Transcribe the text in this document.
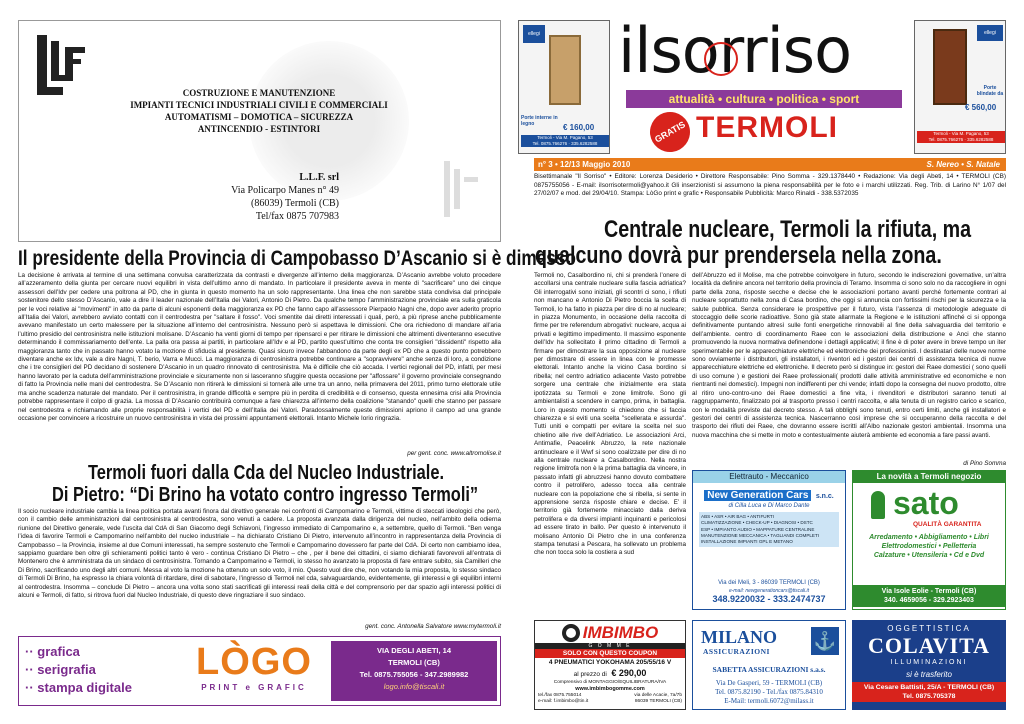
COSTRUZIONE E MANUTENZIONE
IMPIANTI TECNICI INDUSTRIALI CIVILI E COMMERCIALI
AUTOMATISMI – DOMOTICA – SICUREZZA
ANTINCENDIO - ESTINTORI
L.L.F. srl
Via Policarpo Manes n° 49
(86039) Termoli (CB)
Tel/fax 0875 707983
Il presidente della Provincia di Campobasso D’Ascanio si è dimesso
La decisione è arrivata al termine di una settimana convulsa caratterizzata da contrasti e divergenze all’interno della maggioranza. D’Ascanio avrebbe voluto procedere all’azzeramento della giunta per cercare nuovi equilibri in vista dell’ultimo anno di mandato. In particolare il presidente aveva in mente di "sacrificare" uno dei cinque assessori dell’Idv per cedere una poltrona al PD, che in giunta in questo momento ha un solo rappresentante. Una linea che non sarebbe stata condivisa dal principale sostenitore dello stesso D’Ascanio, vale a dire il leader nazionale dell’Italia dei Valori, Antonio Di Pietro. Da qualche tempo l’amministrazione provinciale era sulla graticola per le voci relative ai "movimenti" in atto da parte di alcuni esponenti della maggioranza ex PD che fanno capo all’assessore Pierpaolo Nagni che, dopo aver aderito proprio all’Italia dei Valori, avrebbero avviato contatti con il centrodestra per "saltare il fosso". Voci smentite dai diretti interessati i quali, però, a più riprese anche pubblicamente avevano manifestato un certo malessere per la situazione all’interno del centrosinistra. Nessuno però si aspettava le dimissioni. Che ora richiedono di mandare all’aria l’ultimo presidio del centrosinistra nelle istituzioni molisane. D’Ascanio ha venti giorni di tempo per ripensarci e per ritirare le dimissioni che altrimenti diventeranno esecutive determinando il commissariamento dell’ente. La palla ora passa ai partiti, in particolare all’Idv e al PD, partito quest’ultimo che conta tre consiglieri "dissidenti" rispetto alla maggioranza tanto che in passato hanno votato la mozione di sfiducia al presidente. Quasi sicuro invece l’abbandono da parte degli ex PD che a questo punto potrebbero diventare anche ex Idv, vale a dire Nagni, T. berio, Varra e Mucci. La maggioranza di centrosinistra potrebbe continuare a "sopravvivere" anche senza di loro, a condizione che i tre consiglieri del PD decidano di sostenere D’Ascanio in un quadro rinnovato di centrosinistra. Ma è difficile che ciò accada. I vertici regionali del PD, infatti, per mesi hanno lavorato per la caduta dell’amministrazione provinciale e sicuramente non si lasceranno sfuggire questa occasione per "affossare" il governo provinciale consegnando di fatto la Provincia nelle mani del centrodestra. Se D’Ascanio non ritirerà le dimissioni si tornerà alle urne tra un anno, nella primavera del 2011, primo turno elettorale utile ma anche scadenza naturale del mandato. Per il centrosinistra, in grande difficoltà e sempre più in perdita di credibilità e di consenso, questa ennesima crisi alla Provincia potrebbe rappresentare il colpo di grazia. La mossa di D’Ascanio contribuirà comunque a fare chiarezza all’interno della coalizione "stanando" quelli che stanno per passare nel centrodestra e richiamando alle proprie responsabilità i vertici del PD e dell’Italia dei Valori. Paradossalmente queste dimissioni apriono il campo ad una grande occasione per convincere a ricostruire un nuovo centrosinistra in vista dei prossimi appuntamenti elettorali. Intanto Michele Iorio ringrazia.
per gent. conc. www.altromolise.it
Termoli fuori dalla Cda del Nucleo Industriale.
Di Pietro: “Di Brino ha votato contro ingresso Termoli”
Il socio nucleare industriale cambia la linea politica portata avanti finora dal direttivo generale nei confronti di Campomarino e Termoli, vittime di steccati ideologici che però, con il cambio delle amministrazioni dal centrosinistra al centrodestra, sono venuti a cadere. La proposta avanzata dalla dirigenza del nucleo, nell’ambito della odierna riunione del Direttivo generale, vede l’uscita dal CdA di San Giacomo degli Schiavoni, l’ingresso immediato di Campomarino e, a settembre, quello di Termoli. "Ben venga l’idea di favorire Termoli e Campomarino nell’ambito del nucleo industriale – ha dichiarato Cristiano Di Pietro, intervenuto all’incontro in rappresentanza della Provincia di Campobasso – la Provincia, insieme al due Comuni interessati, ha sempre sostenuto che Termoli e Campomarino dovessero far parte del CdA. Di certo non cambiamo idea, sappiamo guardare ben oltre gli schieramenti politici tanto è vero - continua Cristiano Di Pietro – che , per il bene dei cittadini, ci siamo dichiarati favorevoli all’entrata di Montenero che è amministrata da un sindaco di centrosinistra. Tornando a Campomarino e Termoli, io stesso ho avanzato la proposta di fare entrare subito, sia Camilleri che Di Brino, sacrificando uno degli altri comuni. Messa al voto la mozione ha ottenuto un solo voto, il mio. Questo vuol dire che, non votando la mia proposta, lo stesso sindaco di Termoli Di Brino, ha espresso la chiara volontà di ritardare, direi di sabotare, l’ingresso di Termoli nel cda, salvaguardando, evidentemente, gli interessi e gli equilibri interni al centrodestra. Insomma – conclude Di Pietro – ancora una volta sono stati sacrificati gli interessi reali della città e del comprensorio per dar spazio agli interessi politici di alcuni e Termoli, di fatto, si ritrova fuori dal Nucleo Industriale, di questo deve ringraziare il suo sindaco.
gent. conc. Antonella Salvatore www.mytermoli.it
·· grafica
·· serigrafia
·· stampa digitale
LÒGO
PRINT e GRAFIC
VIA DEGLI ABETI, 14
TERMOLI (CB)
Tel. 0875.755056 - 347.2989982
logo.info@tiscali.it
ellegi
Porte interne in legno	€ 160,00
Termoli - Via M. Pagano, 53
Tel. 0875.766276 · 335.6282588
ilsorriso
attualità • cultura • politica • sport
TERMOLI
GRATIS
ellegi
Porte blindate da
€ 560,00
Termoli - Via M. Pagano, 53
Tel. 0875.766276 · 335.6282588
n° 3 • 12/13 Maggio 2010	S. Nereo • S. Natale
Bisettimanale "Il Sorriso" • Editore: Lorenza Desiderio • Direttore Responsabile: Pino Somma - 329.1378440 • Redazione: Via degli Abeti, 14 • TERMOLI (CB) 0875755056 - E-mail: ilsorrisotermoli@yahoo.it Gli inserzionisti si assumono la piena responsabilità per le foto e i marchi utilizzati. Reg. Trib. di Larino N° 1/07 del 27/02/07 e mod. del 29/04/10. Stampa: LòGo print e grafic • Responsabile Pubblicità: Marco Rinaldi - 338.5372035
Centrale nucleare, Termoli la rifiuta, ma
qualcuno dovrà pur prendersela nella zona.
Termoli no, Casalbordino ni, chi si prenderà l’onere di accollarsi una centrale nucleare sulla fascia adriatica? Gli interrogativi sono iniziati, gli scontri ci sono, i rifiuti non mancano e Antonio Di Pietro boccia la scelta di Termoli, lo ha fatto in piazza per dire di no al nucleare; in piazza Monumento, in occasione della raccolta di firme per tre referendum abrogativi: nucleare, acqua ai privati e legittimo impedimento. Il massimo esponente dell’Idv ha sollecitato il primo cittadino di Termoli a firmare per dimostrare la sua opposizione al nucleare per dimostrare di essere in linea con le promesse elettorali. Intanto anche la vicino Casa bordino si ribella; nel centro adriatico adiacente Vasto potrebbe sorgere una centrale che inizialmente era stata ipotizzata su Termoli e zone limitrofe. Sono gli ambientalisti a scendere in campo, prima, in battaglia. Loro in questo momento si chiedono che si faccia chiarezza e si eviti una scelta "scellerata e assurda". Tutti uniti e compatti per evitare la scelta nel suo chietino alle rive dell’Adriatico. Le associazioni Arci, Antimafie, Peacelink Abruzzo, la rete nazionale antinucleare e il Wwf si sono coalizzate per dire di no alla centrale nucleare a Casalbordino. Nella nostra regione limitrofa non è la prima battaglia da vincere, in passato infatti gli abruzzesi hanno dovuto combattere contro il petrolifero, adesso tocca alla centrale nucleare con la popolazione che si ribella, si sente in apprensione senza risposte chiare e decise. E’ il territorio già fortemente minacciato dalla deriva petrolifera e da diversi impianti inquinanti e pericolosi ad essere tirato in ballo. Per questo è intervenuto il molisano Antonio Di Pietro che in una conferenza stampa tenutasi a Pescara, ha sollevato un problema che non tocca solo la costiera a sud
dell’Abruzzo ed il Molise, ma che potrebbe coinvolgere in futuro, secondo le indiscrezioni governative, un’altra località da definire ancora nel territorio della provincia di Teramo. Insomma ci sono solo no da raccogliere in ogni parte della zona, risposte secche e decise che le associazioni portano avanti perché fortemente contrari al nucleare soprattutto nella zona di Casa bordino, che oggi si annuncia con fortissimi rischi per la sicurezza e la salute pubblica. Senza considerare le prospettive per il futuro, vista l’assenza di metodologie adeguate di stoccaggio delle scorie radioattive. Sono già state allarmate la Regione e le istituzioni affinché ci si opponga definitivamente puntando altresì sulle fonti energetiche rinnovabili al fine della salvaguardia del territorio e dell’ambiente. centro di coordinamento Raee con le associazioni della distribuzione e Anci che stanno promuovendo la nuova normativa definendone i dettagli applicativi; il fine è di poter avere in breve tempo un iter sperimentabile per le apparecchiature elettriche ed elettroniche dei professionisti. I destinatari delle nuove norme sono ovviamente i distributori, gli installatori, i riventori ed i gestori dei centri di assistenza tecnica di nuove apparecchiature elettriche ed elettroniche. Il decreto però si distingue in: gestori dei Raee domestici ( sono quelli di uso comune ) e gestioni dei Raee professionali( prodotti dalle attività amministrative ed economiche e non rientranti nei domestici). Impegni non indifferenti per chi vende; infatti dopo la consegna del nuovo prodotto, oltre al ritiro uno-contro-uno dei Raee domestici a fine vita, i rivenditori e distributori saranno tenuti al raggruppamento, finalizzato poi al trasporto presso i centri raccolta, e alla tenuta di un registro carico e scarico, con le modalità previste dal decreto stesso. A tali obblighi sono tenuti, entro certi limiti, anche gli installatori e gestori dei centri di assistenza tecnica. Nascerranno così imprese che si occuperanno della raccolta e del trasporto dei rifiuti dei Raee, che dovranno essere iscritti all’Albo nazionale gestori ambientali. Insomma una nuova macchina che si mette in moto e contestualmente aiuterà ambiente ed economia a fare passi avanti.
di Pino Somma
Elettrauto - Meccanico
New Generation Cars s.n.c.
di Cilla Luca e Di Marco Dante
ABS • ASR • AIR BAG • ANTIFURTI
CLIMATIZZAZIONE • CHECK-UP • DIAGNOSI • DSTC
ESP • IMPIANTO AUDIO • MAPPATURE CENTRALINE
MANUTENZIONE MECCANICA • TAGLIANDI COMPLETI
INSTALLAZIONE IMPIANTI GPL E METANO
Via dei Meli, 3 - 86039 TERMOLI (CB)
e-mail: newgenerationcars@tiscali.it
348.9220032 - 333.2474737
La novità a Termoli negozio
sato
QUALITÀ GARANTITA
Arredamento • Abbigliamento • Libri
Elettrodomestici • Pelletteria
Calzature • Utensileria • Cd e Dvd
Via Isole Eolie - Termoli (CB)
340. 4659056 - 329.2923403
IMBIMBO
G O M M E
SOLO CON QUESTO COUPON
4 PNEUMATICI YOKOHAMA 205/55/16 V
al prezzo di € 290,00
Comprensivo di MONTAGGIO/EQUILIBRATURA/IVA
www.imbimbogomme.com
tel./fax 0875.755014
e-mail: f.imbimbo@tin.it
via delle Acacie, 7a/7b
86039 TERMOLI (CB)
MILANO
ASSICURAZIONI
⚓
SABETTA ASSICURAZIONI s.a.s.
Via De Gasperi, 59 - TERMOLI (CB)
Tel. 0875.82190 - Tel./fax 0875.84310
E-Mail: termoli.6072@milass.it
OGGETTISTICA
COLAVITA
ILLUMINAZIONI
si è trasferito
Via Cesare Battisti, 25/A - TERMOLI (CB)
Tel. 0875.705378
